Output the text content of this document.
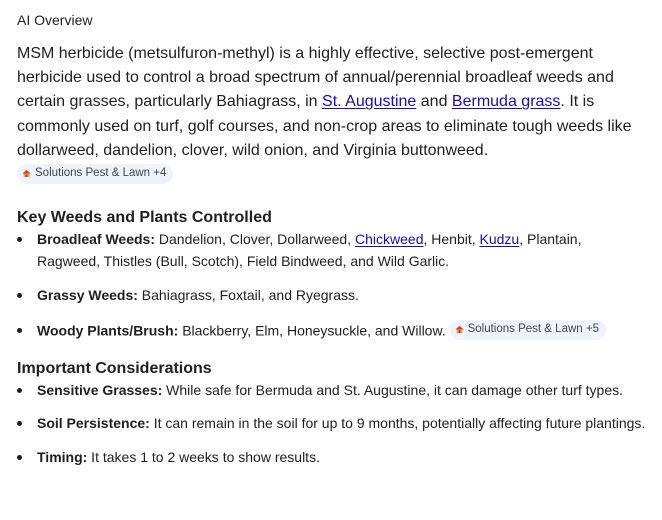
AI Overview

MSM herbicide (metsulfuron-methyl) is a highly effective, selective post-emergent herbicide used to control a broad spectrum of annual/perennial broadleaf weeds and certain grasses, particularly Bahiagrass, in St. Augustine and Bermuda grass. It is commonly used on turf, golf courses, and non-crop areas to eliminate tough weeds like dollarweed, dandelion, clover, wild onion, and Virginia buttonweed.
Solutions Pest & Lawn +4

Key Weeds and Plants Controlled
Broadleaf Weeds: Dandelion, Clover, Dollarweed, Chickweed, Henbit, Kudzu, Plantain, Ragweed, Thistles (Bull, Scotch), Field Bindweed, and Wild Garlic.
Grassy Weeds: Bahiagrass, Foxtail, and Ryegrass.
Woody Plants/Brush: Blackberry, Elm, Honeysuckle, and Willow. Solutions Pest & Lawn +5
Important Considerations
Sensitive Grasses: While safe for Bermuda and St. Augustine, it can damage other turf types.
Soil Persistence: It can remain in the soil for up to 9 months, potentially affecting future plantings.
Timing: It takes 1 to 2 weeks to show results.
